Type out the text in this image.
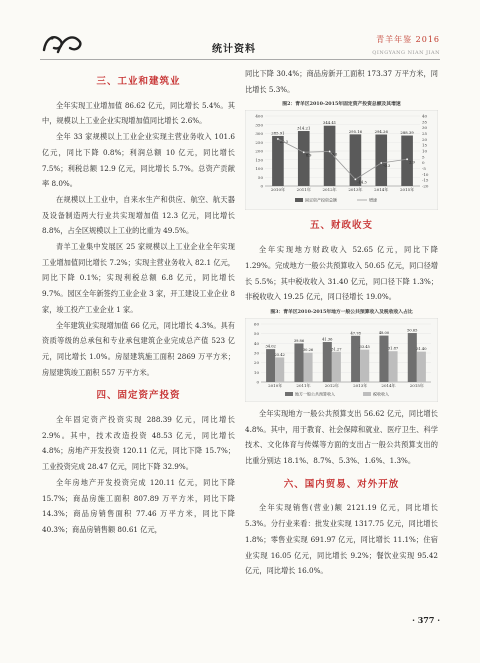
统计资料
青羊年鉴 2016
QINGYANG NIAN JIAN
三、工业和建筑业

全年实现工业增加值 86.62 亿元，同比增长 5.4%。其中，规模以上工业企业实现增加值同比增长 2.6%。

全年 33 家规模以上工业企业实现主营业务收入 101.6 亿元，同比下降 0.8%；利润总额 10 亿元，同比增长 7.5%；利税总额 12.9 亿元，同比增长 5.7%。总资产贡献率 8.0%。

在规模以上工业中，自来水生产和供应、航空、航天器及设备制造两大行业共实现增加值 12.3 亿元，同比增长 8.8%，占全区规模以上工业的比重为 49.5%。

青羊工业集中发展区 25 家规模以上工业企业全年实现工业增加值同比增长 7.2%；实现主营业务收入 82.1 亿元，同比下降 0.1%；实现利税总额 6.8 亿元，同比增长 9.7%。园区全年新签约工业企业 3 家，开工建设工业企业 8 家，竣工投产工业企业 1 家。

全年建筑业实现增加值 66 亿元，同比增长 4.3%。具有资质等级的总承包和专业承包建筑企业完成总产值 523 亿元，同比增长 1.0%。房屋建筑施工面积 2869 万平方米；房屋建筑竣工面积 557 万平方米。

四、固定资产投资

全年固定资产投资实现 288.39 亿元，同比增长 2.9%。其中，技术改造投资 48.53 亿元，同比增长 4.8%；房地产开发投资 120.11 亿元，同比下降 15.7%；工业投资完成 28.47 亿元，同比下降 32.9%。

全年房地产开发投资完成 120.11 亿元，同比下降 15.7%；商品房施工面积 807.89 万平方米，同比下降 14.3%；商品房销售面积 77.46 万平方米，同比下降 40.3%；商品房销售额 80.61 亿元，

同比下降 30.4%；商品房新开工面积 173.37 万平方米，同比增长 5.3%。

图2：青羊区2010-2015年固定资产投资总额及其增速
400
350
300
250
200
150
100
50
0
40
35
30
25
20
15
10
5
0
-5
-10
-15
-20
285.91
2010年
314.21
2011年
344.41
2012年
295.16
2013年
294.26
2014年
288.39
2015年
20.3
8.9	9.6
-14.3
-0.3
2.9
固定资产投资总额	增速
五、财政收支

全年实现地方财政收入 52.65 亿元，同比下降 1.29%。完成地方一般公共预算收入 50.65 亿元，同口径增长 5.5%；其中税收收入 31.40 亿元，同口径下降 1.3%；非税收收入 19.25 亿元，同口径增长 19.0%。

图3：青羊区2010-2015年地方一般公共预算收入及税收收入占比
60
50
40
30
20
10
0
34.02
25.42
2010年
39.86
30.26
2011年
41.36
31.27
2012年
47.78
33.45
2013年
48.00
31.87
2014年
50.65
31.40
2015年
地方一般公共预算收入	税收收入

全年实现地方一般公共预算支出 56.62 亿元，同比增长 4.8%。其中，用于教育、社会保障和就业、医疗卫生、科学技术、文化体育与传媒等方面的支出占一般公共预算支出的比重分别达 18.1%、8.7%、5.3%、1.6%、1.3%。

六、国内贸易、对外开放

全年实现销售(营业)额 2121.19 亿元，同比增长 5.3%。分行业来看：批发业实现 1317.75 亿元，同比增长 1.8%；零售业实现 691.97 亿元，同比增长 11.1%；住宿业实现 16.05 亿元，同比增长 9.2%；餐饮业实现 95.42 亿元，同比增长 16.0%。

· 377 ·
